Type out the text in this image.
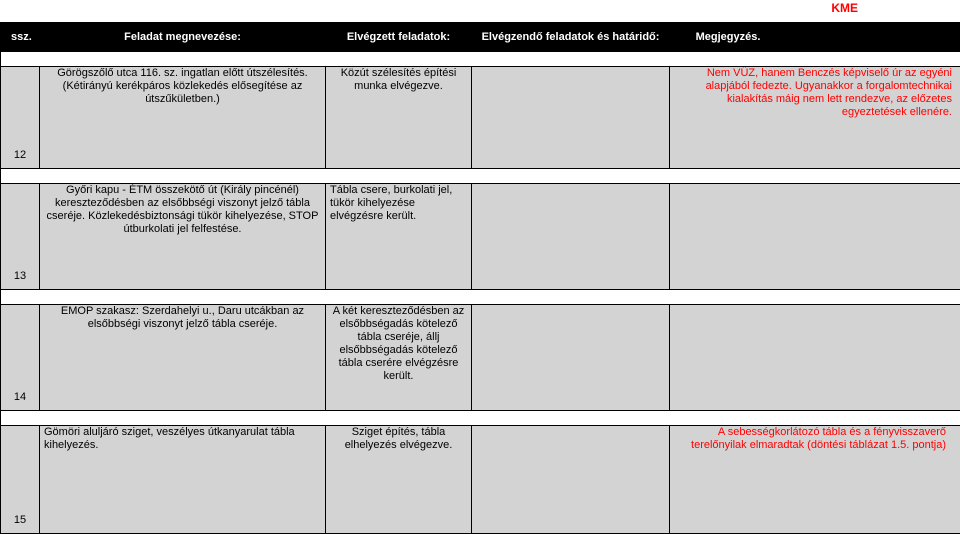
KME
ssz.	Feladat megnevezése:	Elvégzett feladatok:	Elvégzendő feladatok és határidő:	Megjegyzés.	

12	Görögszőlő utca 116. sz. ingatlan előtt útszélesítés. (Kétirányú kerékpáros közlekedés elősegítése az útszűkületben.)	Közút szélesítés építési munka elvégezve.		Nem VÜZ, hanem Benczés képviselő úr az egyéni alapjából fedezte. Ugyanakkor a forgalomtechnikai kialakítás máig nem lett rendezve, az előzetes egyeztetések ellenére.	

13	Győri kapu - ÉTM összekötő út (Király pincénél) kereszteződésben az elsőbbségi viszonyt jelző tábla cseréje. Közlekedésbiztonsági tükör kihelyezése, STOP útburkolati jel felfestése.	Tábla csere, burkolati jel, tükör kihelyezése elvégzésre került.			

14	EMOP szakasz: Szerdahelyi u., Daru utcákban az elsőbbségi viszonyt jelző tábla cseréje.	A két kereszteződésben az elsőbbségadás kötelező tábla cseréje, állj elsőbbségadás kötelező tábla cserére elvégzésre került.			

15	Gömöri aluljáró sziget, veszélyes útkanyarulat tábla kihelyezés.	Sziget építés, tábla elhelyezés elvégezve.		A sebességkorlátozó tábla és a fényvisszaverő terelőnyilak elmaradtak (döntési táblázat 1.5. pontja)	
